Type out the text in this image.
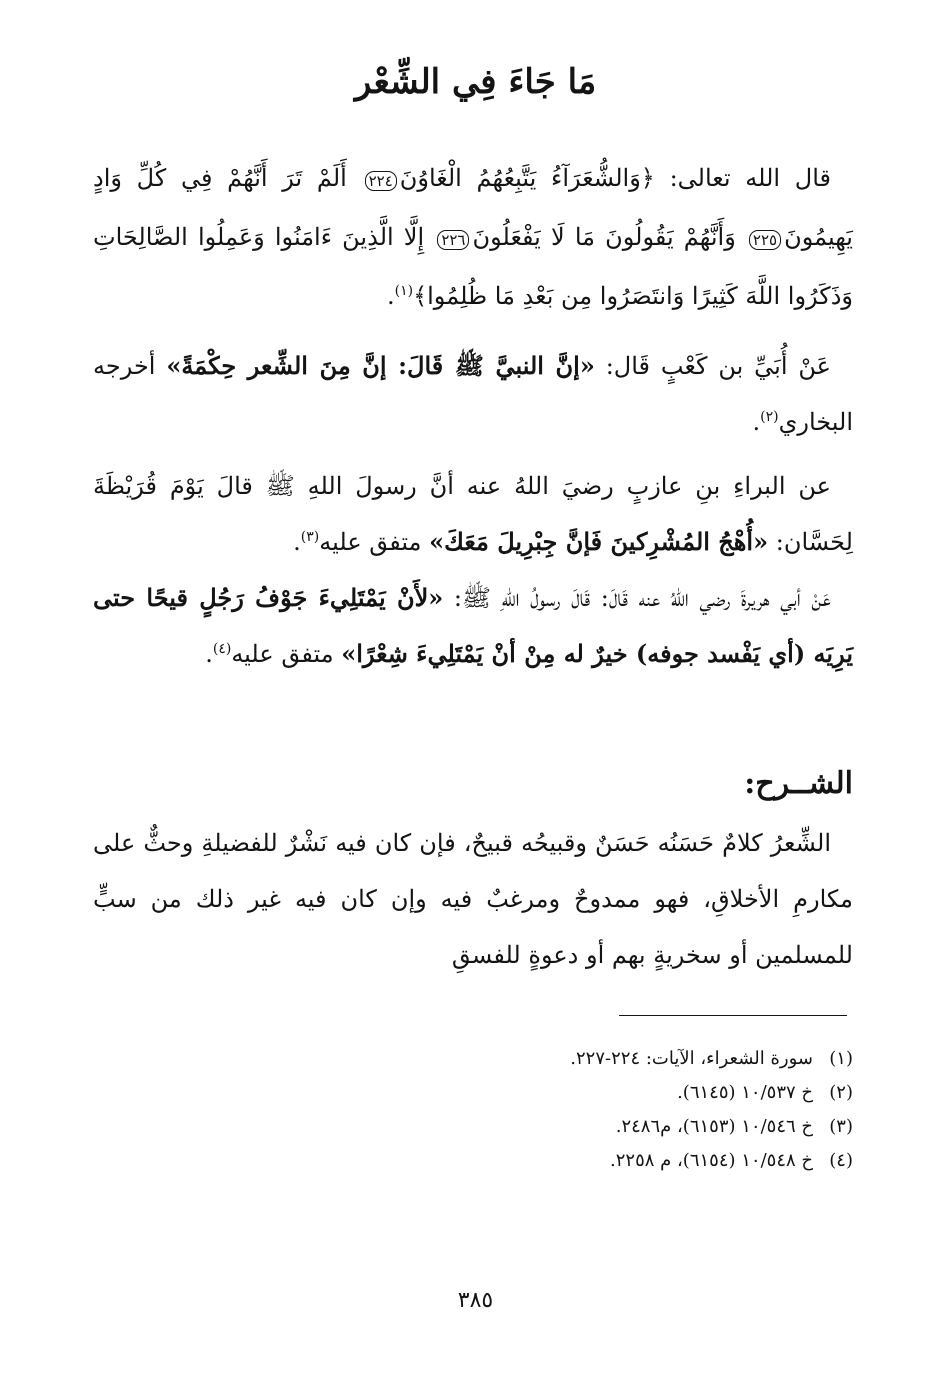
مَا جَاءَ فِي الشِّعْر
قال الله تعالى: ﴿وَالشُّعَرَآءُ يَتَّبِعُهُمُ الْغَاوُنَ٢٢٤ أَلَمْ تَرَ أَنَّهُمْ فِي كُلِّ وَادٍ يَهِيمُونَ٢٢٥ وَأَنَّهُمْ يَقُولُونَ مَا لَا يَفْعَلُونَ٢٢٦ إِلَّا الَّذِينَ ءَامَنُوا وَعَمِلُوا الصَّالِحَاتِ وَذَكَرُوا اللَّهَ كَثِيرًا وَانتَصَرُوا مِن بَعْدِ مَا ظُلِمُوا﴾$^{(١)}$.
عَنْ أُبَيِّ بن كَعْبٍ قَال: «إنَّ النبيَّ ﷺ قَالَ: إنَّ مِنَ الشِّعر حِكْمَةً» أخرجه البخاري$^{(٢)}$.
عن البراءِ بنِ عازبٍ رضيَ اللهُ عنه أنَّ رسولَ اللهِ ﷺ قالَ يَوْمَ قُرَيْظَةَ لِحَسَّان: «أُهْجُ المُشْرِكينَ فَإنَّ جِبْرِيلَ مَعَكَ» متفق عليه$^{(٣)}$.
عَنْ أبي هريرةَ رضي اللهُ عنه قَالَ: قَالَ رسولُ اللهِ ﷺ: «لأَنْ يَمْتَلِيءَ جَوْفُ رَجُلٍ قيحًا حتى يَرِيَه (أي يَفْسد جوفه) خيرٌ له مِنْ أنْ يَمْتَلِيءَ شِعْرًا» متفق عليه$^{(٤)}$.
الشــرح:
الشِّعرُ كلامٌ حَسَنُه حَسَنٌ وقبيحُه قبيحٌ، فإن كان فيه نَشْرٌ للفضيلةِ وحثٌّ على مكارمِ الأخلاقِ، فهو ممدوحٌ ومرغبٌ فيه وإن كان فيه غير ذلك من سبٍّ للمسلمين أو سخريةٍ بهم أو دعوةٍ للفسقِ
(١)سورة الشعراء، الآيات: ٢٢٤-٢٢٧.
(٢)خ ١٠/٥٣٧ (٦١٤٥).
(٣)خ ١٠/٥٤٦ (٦١٥٣)، م٢٤٨٦.
(٤)خ ١٠/٥٤٨ (٦١٥٤)، م ٢٢٥٨.
٣٨٥
